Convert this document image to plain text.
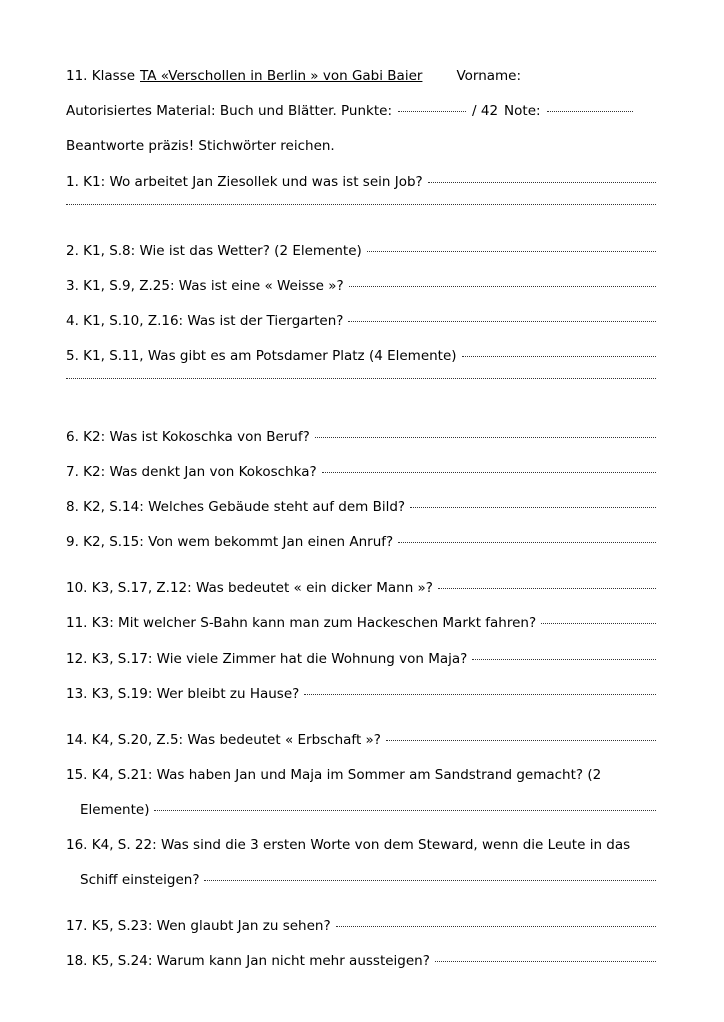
11. Klasse TA «Verschollen in Berlin » von Gabi Baier	Vorname:
Autorisiertes Material: Buch und Blätter. Punkte:	/ 42 Note:
Beantworte präzis! Stichwörter reichen.
1. K1: Wo arbeitet Jan Ziesollek und was ist sein Job?
2. K1, S.8: Wie ist das Wetter? (2 Elemente)
3. K1, S.9, Z.25: Was ist eine « Weisse »?
4. K1, S.10, Z.16: Was ist der Tiergarten?
5. K1, S.11, Was gibt es am Potsdamer Platz (4 Elemente)
6. K2: Was ist Kokoschka von Beruf?
7. K2: Was denkt Jan von Kokoschka?
8. K2, S.14: Welches Gebäude steht auf dem Bild?
9. K2, S.15: Von wem bekommt Jan einen Anruf?
10. K3, S.17, Z.12: Was bedeutet « ein dicker Mann »?
11. K3: Mit welcher S-Bahn kann man zum Hackeschen Markt fahren?
12. K3, S.17: Wie viele Zimmer hat die Wohnung von Maja?
13. K3, S.19: Wer bleibt zu Hause?
14. K4, S.20, Z.5: Was bedeutet « Erbschaft »?
15. K4, S.21: Was haben Jan und Maja im Sommer am Sandstrand gemacht? (2
Elemente)
16. K4, S. 22: Was sind die 3 ersten Worte von dem Steward, wenn die Leute in das
Schiff einsteigen?
17. K5, S.23: Wen glaubt Jan zu sehen?
18. K5, S.24: Warum kann Jan nicht mehr aussteigen?
